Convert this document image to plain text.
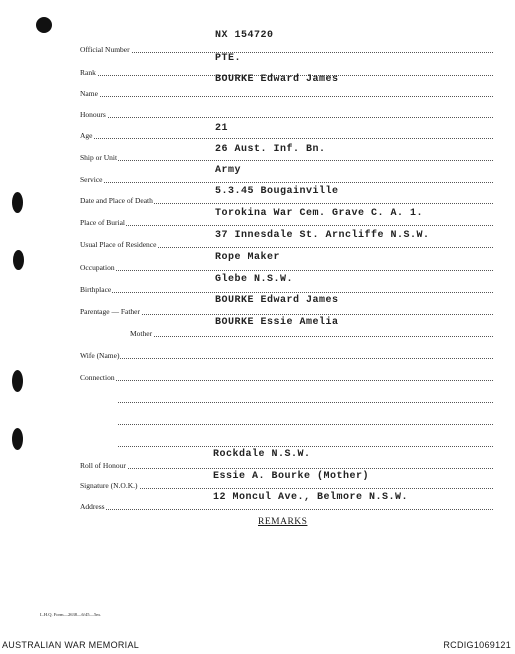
NX 154720
Official Number
PTE.
Rank
BOURKE Edward James
Name
Honours
21
Age
26 Aust. Inf. Bn.
Ship or Unit
Army
Service
5.3.45 Bougainville
Date and Place of Death
Torokina War Cem. Grave C. A. 1.
Place of Burial
37 Innesdale St. Arncliffe N.S.W.
Usual Place of Residence
Rope Maker
Occupation
Glebe N.S.W.
Birthplace
BOURKE Edward James
Parentage — Father
BOURKE Essie Amelia
Mother
Wife (Name)
Connection
Rockdale N.S.W.
Roll of Honour
Essie A. Bourke (Mother)
Signature (N.O.K.)
12 Moncul Ave., Belmore N.S.W.
Address
REMARKS
L.H.Q. Form—2638—6/45—5m.
AUSTRALIAN WAR MEMORIAL	RCDIG1069121
